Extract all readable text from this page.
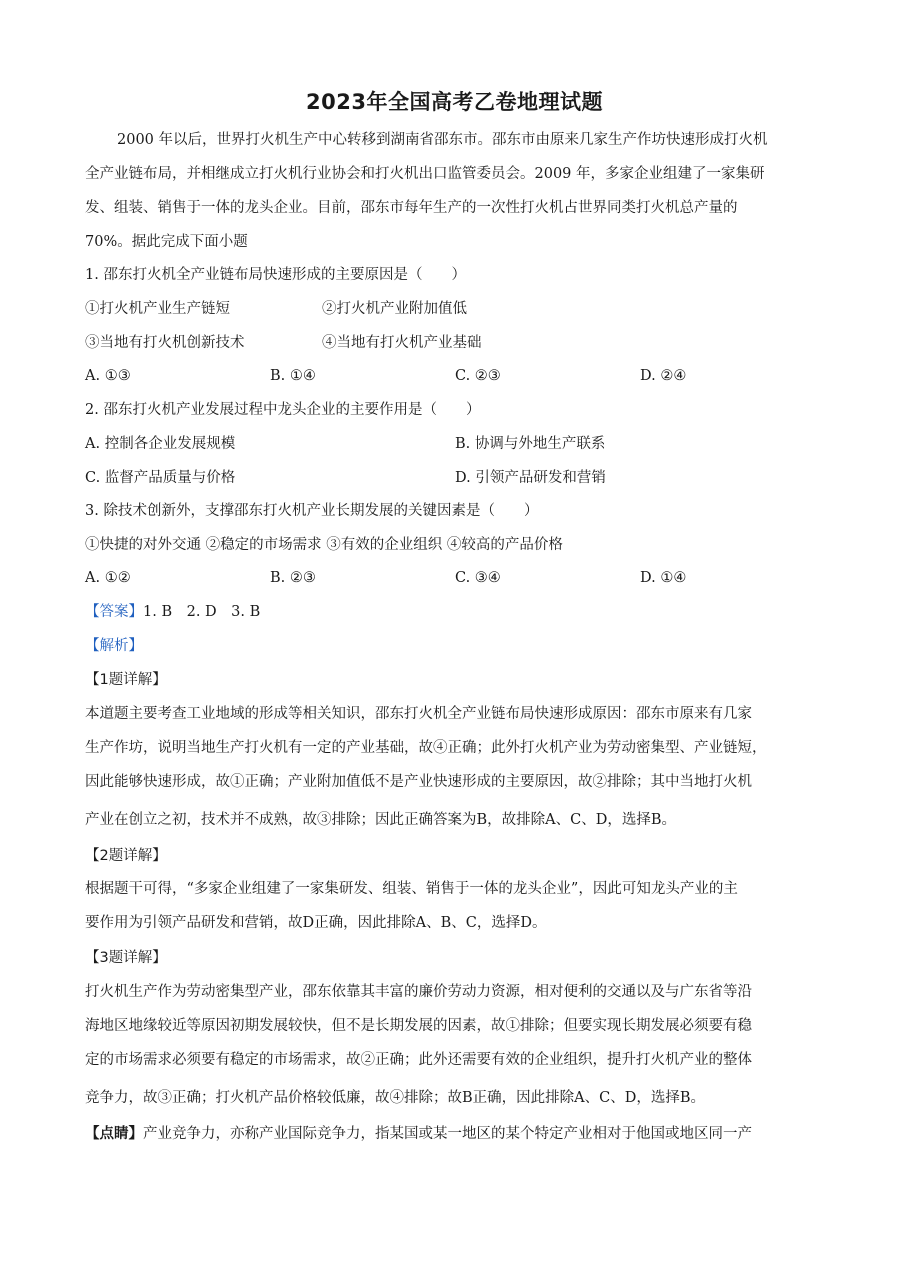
2023年全国高考乙卷地理试题
2000 年以后，世界打火机生产中心转移到湖南省邵东市。邵东市由原来几家生产作坊快速形成打火机
全产业链布局，并相继成立打火机行业协会和打火机出口监管委员会。2009 年，多家企业组建了一家集研
发、组装、销售于一体的龙头企业。目前，邵东市每年生产的一次性打火机占世界同类打火机总产量的
70%。据此完成下面小题
1. 邵东打火机全产业链布局快速形成的主要原因是（　　）
①打火机产业生产链短	②打火机产业附加值低
③当地有打火机创新技术	④当地有打火机产业基础
A. ①③	B. ①④	C. ②③	D. ②④
2. 邵东打火机产业发展过程中龙头企业的主要作用是（　　）
A. 控制各企业发展规模	B. 协调与外地生产联系
C. 监督产品质量与价格	D. 引领产品研发和营销
3. 除技术创新外，支撑邵东打火机产业长期发展的关键因素是（　　）
①快捷的对外交通 ②稳定的市场需求 ③有效的企业组织 ④较高的产品价格
A. ①②	B. ②③	C. ③④	D. ①④
【答案】1. B　2. D　3. B
【解析】
【1题详解】
本道题主要考查工业地域的形成等相关知识，邵东打火机全产业链布局快速形成原因：邵东市原来有几家
生产作坊，说明当地生产打火机有一定的产业基础，故④正确；此外打火机产业为劳动密集型、产业链短，
因此能够快速形成，故①正确；产业附加值低不是产业快速形成的主要原因，故②排除；其中当地打火机
产业在创立之初，技术并不成熟，故③排除；因此正确答案为B，故排除A、C、D，选择B。
【2题详解】
根据题干可得，“多家企业组建了一家集研发、组装、销售于一体的龙头企业”，因此可知龙头产业的主
要作用为引领产品研发和营销，故D正确，因此排除A、B、C，选择D。
【3题详解】
打火机生产作为劳动密集型产业，邵东依靠其丰富的廉价劳动力资源，相对便利的交通以及与广东省等沿
海地区地缘较近等原因初期发展较快，但不是长期发展的因素，故①排除；但要实现长期发展必须要有稳
定的市场需求必须要有稳定的市场需求，故②正确；此外还需要有效的企业组织，提升打火机产业的整体
竞争力，故③正确；打火机产品价格较低廉，故④排除；故B正确，因此排除A、C、D，选择B。
【点睛】产业竞争力，亦称产业国际竞争力，指某国或某一地区的某个特定产业相对于他国或地区同一产
